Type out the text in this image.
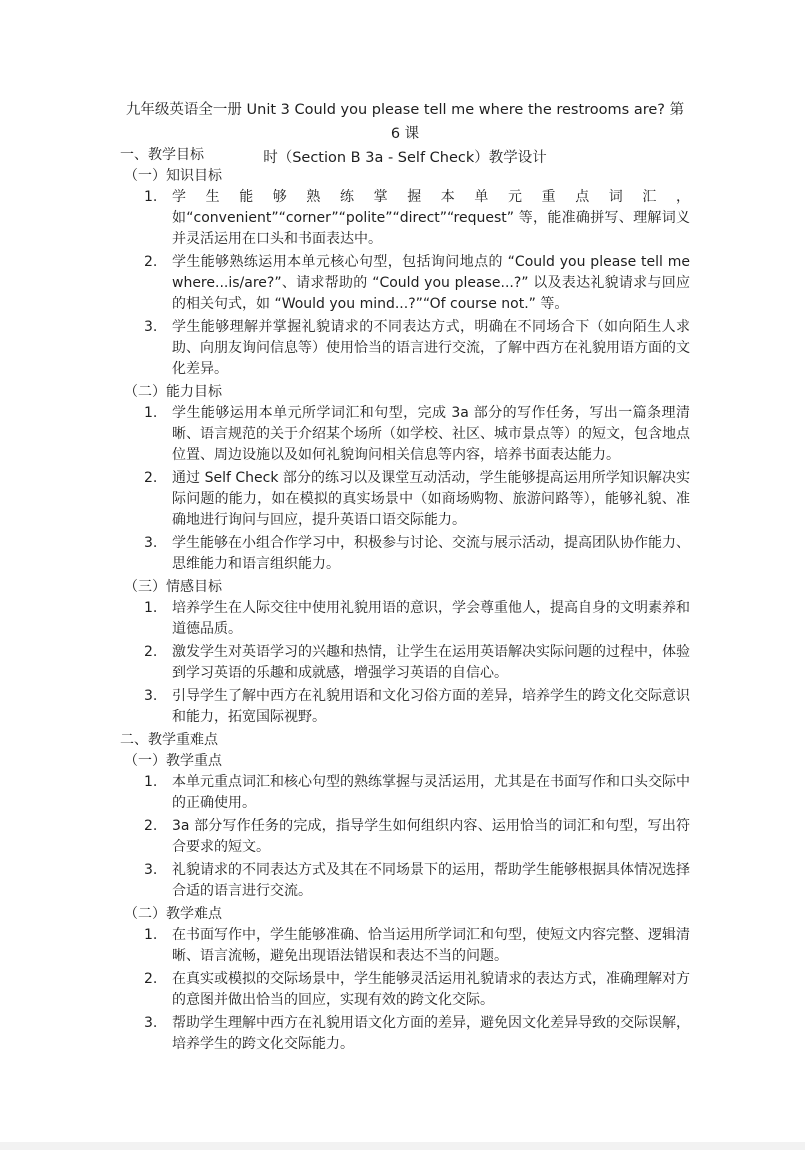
九年级英语全一册 Unit 3 Could you please tell me where the restrooms are? 第 6 课
时（Section B 3a - Self Check）教学设计
一、教学目标
（一）知识目标
1.	学生能够熟练掌握本单元重点词汇，如“convenient”“corner”“polite”“direct”“request” 等，能准确拼写、理解词义并灵活运用在口头和书面表达中。
2.	学生能够熟练运用本单元核心句型，包括询问地点的 “Could you please tell me where...is/are?”、请求帮助的 “Could you please...?” 以及表达礼貌请求与回应的相关句式，如 “Would you mind...?”“Of course not.” 等。
3.	学生能够理解并掌握礼貌请求的不同表达方式，明确在不同场合下（如向陌生人求助、向朋友询问信息等）使用恰当的语言进行交流，了解中西方在礼貌用语方面的文化差异。
（二）能力目标
1.	学生能够运用本单元所学词汇和句型，完成 3a 部分的写作任务，写出一篇条理清晰、语言规范的关于介绍某个场所（如学校、社区、城市景点等）的短文，包含地点位置、周边设施以及如何礼貌询问相关信息等内容，培养书面表达能力。
2.	通过 Self Check 部分的练习以及课堂互动活动，学生能够提高运用所学知识解决实际问题的能力，如在模拟的真实场景中（如商场购物、旅游问路等），能够礼貌、准确地进行询问与回应，提升英语口语交际能力。
3.	学生能够在小组合作学习中，积极参与讨论、交流与展示活动，提高团队协作能力、思维能力和语言组织能力。
（三）情感目标
1.	培养学生在人际交往中使用礼貌用语的意识，学会尊重他人，提高自身的文明素养和道德品质。
2.	激发学生对英语学习的兴趣和热情，让学生在运用英语解决实际问题的过程中，体验到学习英语的乐趣和成就感，增强学习英语的自信心。
3.	引导学生了解中西方在礼貌用语和文化习俗方面的差异，培养学生的跨文化交际意识和能力，拓宽国际视野。
二、教学重难点
（一）教学重点
1.	本单元重点词汇和核心句型的熟练掌握与灵活运用，尤其是在书面写作和口头交际中的正确使用。
2.	3a 部分写作任务的完成，指导学生如何组织内容、运用恰当的词汇和句型，写出符合要求的短文。
3.	礼貌请求的不同表达方式及其在不同场景下的运用，帮助学生能够根据具体情况选择合适的语言进行交流。
（二）教学难点
1.	在书面写作中，学生能够准确、恰当运用所学词汇和句型，使短文内容完整、逻辑清晰、语言流畅，避免出现语法错误和表达不当的问题。
2.	在真实或模拟的交际场景中，学生能够灵活运用礼貌请求的表达方式，准确理解对方的意图并做出恰当的回应，实现有效的跨文化交际。
3.	帮助学生理解中西方在礼貌用语文化方面的差异，避免因文化差异导致的交际误解，培养学生的跨文化交际能力。
